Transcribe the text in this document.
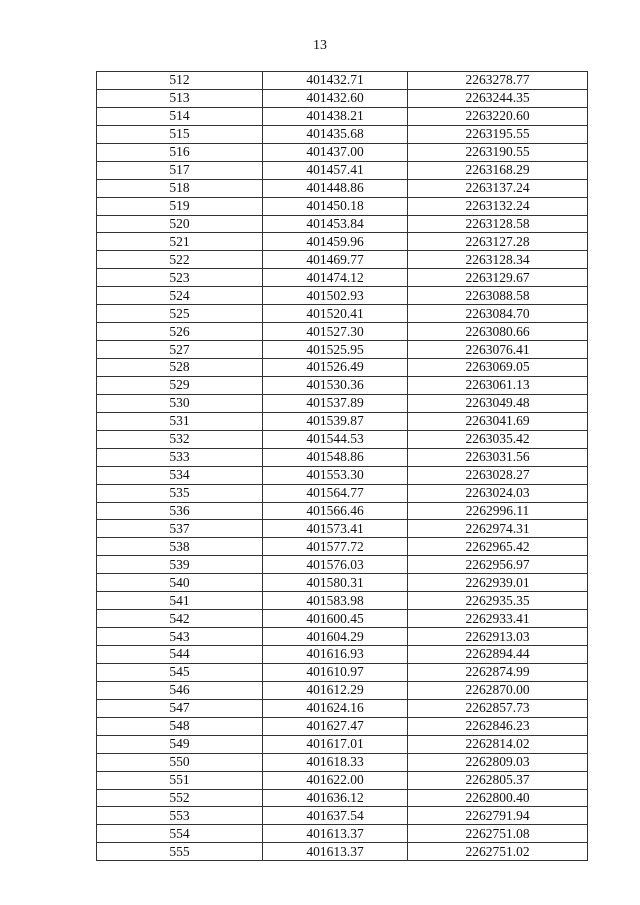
13
512	401432.71	2263278.77
513	401432.60	2263244.35
514	401438.21	2263220.60
515	401435.68	2263195.55
516	401437.00	2263190.55
517	401457.41	2263168.29
518	401448.86	2263137.24
519	401450.18	2263132.24
520	401453.84	2263128.58
521	401459.96	2263127.28
522	401469.77	2263128.34
523	401474.12	2263129.67
524	401502.93	2263088.58
525	401520.41	2263084.70
526	401527.30	2263080.66
527	401525.95	2263076.41
528	401526.49	2263069.05
529	401530.36	2263061.13
530	401537.89	2263049.48
531	401539.87	2263041.69
532	401544.53	2263035.42
533	401548.86	2263031.56
534	401553.30	2263028.27
535	401564.77	2263024.03
536	401566.46	2262996.11
537	401573.41	2262974.31
538	401577.72	2262965.42
539	401576.03	2262956.97
540	401580.31	2262939.01
541	401583.98	2262935.35
542	401600.45	2262933.41
543	401604.29	2262913.03
544	401616.93	2262894.44
545	401610.97	2262874.99
546	401612.29	2262870.00
547	401624.16	2262857.73
548	401627.47	2262846.23
549	401617.01	2262814.02
550	401618.33	2262809.03
551	401622.00	2262805.37
552	401636.12	2262800.40
553	401637.54	2262791.94
554	401613.37	2262751.08
555	401613.37	2262751.02
